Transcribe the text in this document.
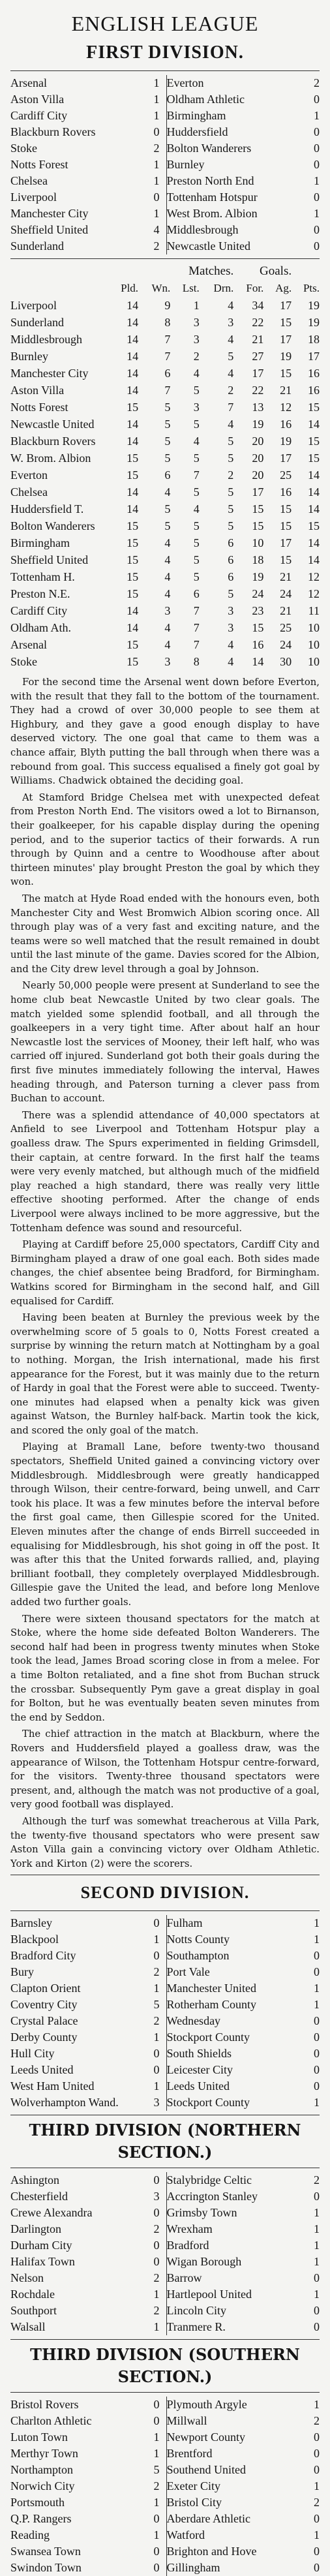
ENGLISH LEAGUE
FIRST DIVISION.
Arsenal	1		Everton	2
Aston Villa	1		Oldham Athletic	0
Cardiff City	1		Birmingham	1
Blackburn Rovers	0		Huddersfield	0
Stoke	2		Bolton Wanderers	0
Notts Forest	1		Burnley	0
Chelsea	1		Preston North End	1
Liverpool	0		Tottenham Hotspur	0
Manchester City	1		West Brom. Albion	1
Sheffield United	4		Middlesbrough	0
Sunderland	2		Newcastle United	0
	Matches.				Goals.		
	Pld.	Wn.	Lst.	Drn.	For.	Ag.	Pts.
Liverpool	14	9	1	4	34	17	19
Sunderland	14	8	3	3	22	15	19
Middlesbrough	14	7	3	4	21	17	18
Burnley	14	7	2	5	27	19	17
Manchester City	14	6	4	4	17	15	16
Aston Villa	14	7	5	2	22	21	16
Notts Forest	15	5	3	7	13	12	15
Newcastle United	14	5	5	4	19	16	14
Blackburn Rovers	14	5	4	5	20	19	15
W. Brom. Albion	15	5	5	5	20	17	15
Everton	15	6	7	2	20	25	14
Chelsea	14	4	5	5	17	16	14
Huddersfield T.	14	5	4	5	15	15	14
Bolton Wanderers	15	5	5	5	15	15	15
Birmingham	15	4	5	6	10	17	14
Sheffield United	15	4	5	6	18	15	14
Tottenham H.	15	4	5	6	19	21	12
Preston N.E.	15	4	6	5	24	24	12
Cardiff City	14	3	7	3	23	21	11
Oldham Ath.	14	4	7	3	15	25	10
Arsenal	15	4	7	4	16	24	10
Stoke	15	3	8	4	14	30	10

For the second time the Arsenal went down before Everton, with the result that they fall to the bottom of the tournament. They had a crowd of over 30,000 people to see them at Highbury, and they gave a good enough display to have deserved victory. The one goal that came to them was a chance affair, Blyth putting the ball through when there was a rebound from goal. This success equalised a finely got goal by Williams. Chadwick obtained the deciding goal.

At Stamford Bridge Chelsea met with unexpected defeat from Preston North End. The visitors owed a lot to Birnanson, their goalkeeper, for his capable display during the opening period, and to the superior tactics of their forwards. A run through by Quinn and a centre to Woodhouse after about thirteen minutes' play brought Preston the goal by which they won.

The match at Hyde Road ended with the honours even, both Manchester City and West Bromwich Albion scoring once. All through play was of a very fast and exciting nature, and the teams were so well matched that the result remained in doubt until the last minute of the game. Davies scored for the Albion, and the City drew level through a goal by Johnson.

Nearly 50,000 people were present at Sunderland to see the home club beat Newcastle United by two clear goals. The match yielded some splendid football, and all through the goalkeepers in a very tight time. After about half an hour Newcastle lost the services of Mooney, their left half, who was carried off injured. Sunderland got both their goals during the first five minutes immediately following the interval, Hawes heading through, and Paterson turning a clever pass from Buchan to account.

There was a splendid attendance of 40,000 spectators at Anfield to see Liverpool and Tottenham Hotspur play a goalless draw. The Spurs experimented in fielding Grimsdell, their captain, at centre forward. In the first half the teams were very evenly matched, but although much of the midfield play reached a high standard, there was really very little effective shooting performed. After the change of ends Liverpool were always inclined to be more aggressive, but the Tottenham defence was sound and resourceful.

Playing at Cardiff before 25,000 spectators, Cardiff City and Birmingham played a draw of one goal each. Both sides made changes, the chief absentee being Bradford, for Birmingham. Watkins scored for Birmingham in the second half, and Gill equalised for Cardiff.

Having been beaten at Burnley the previous week by the overwhelming score of 5 goals to 0, Notts Forest created a surprise by winning the return match at Nottingham by a goal to nothing. Morgan, the Irish international, made his first appearance for the Forest, but it was mainly due to the return of Hardy in goal that the Forest were able to succeed. Twenty-one minutes had elapsed when a penalty kick was given against Watson, the Burnley half-back. Martin took the kick, and scored the only goal of the match.

Playing at Bramall Lane, before twenty-two thousand spectators, Sheffield United gained a convincing victory over Middlesbrough. Middlesbrough were greatly handicapped through Wilson, their centre-forward, being unwell, and Carr took his place. It was a few minutes before the interval before the first goal came, then Gillespie scored for the United. Eleven minutes after the change of ends Birrell succeeded in equalising for Middlesbrough, his shot going in off the post. It was after this that the United forwards rallied, and, playing brilliant football, they completely overplayed Middlesbrough. Gillespie gave the United the lead, and before long Menlove added two further goals.

There were sixteen thousand spectators for the match at Stoke, where the home side defeated Bolton Wanderers. The second half had been in progress twenty minutes when Stoke took the lead, James Broad scoring close in from a melee. For a time Bolton retaliated, and a fine shot from Buchan struck the crossbar. Subsequently Pym gave a great display in goal for Bolton, but he was eventually beaten seven minutes from the end by Seddon.

The chief attraction in the match at Blackburn, where the Rovers and Huddersfield played a goalless draw, was the appearance of Wilson, the Tottenham Hotspur centre-forward, for the visitors. Twenty-three thousand spectators were present, and, although the match was not productive of a goal, very good football was displayed.

Although the turf was somewhat treacherous at Villa Park, the twenty-five thousand spectators who were present saw Aston Villa gain a convincing victory over Oldham Athletic. York and Kirton (2) were the scorers.

SECOND DIVISION.
Barnsley	0		Fulham	1
Blackpool	1		Notts County	1
Bradford City	0		Southampton	0
Bury	2		Port Vale	0
Clapton Orient	1		Manchester United	1
Coventry City	5		Rotherham County	1
Crystal Palace	2		Wednesday	0
Derby County	1		Stockport County	0
Hull City	0		South Shields	0
Leeds United	0		Leicester City	0
West Ham United	1		Leeds United	0
Wolverhampton Wand.	3		Stockport County	1
THIRD DIVISION (NORTHERN
SECTION.)
Ashington	0		Stalybridge Celtic	2
Chesterfield	3		Accrington Stanley	0
Crewe Alexandra	0		Grimsby Town	1
Darlington	2		Wrexham	1
Durham City	0		Bradford	1
Halifax Town	0		Wigan Borough	1
Nelson	2		Barrow	0
Rochdale	1		Hartlepool United	1
Southport	2		Lincoln City	0
Walsall	1		Tranmere R.	0
THIRD DIVISION (SOUTHERN
SECTION.)
Bristol Rovers	0		Plymouth Argyle	1
Charlton Athletic	0		Millwall	2
Luton Town	1		Newport County	0
Merthyr Town	1		Brentford	0
Northampton	5		Southend United	0
Norwich City	2		Exeter City	1
Portsmouth	1		Bristol City	2
Q.P. Rangers	0		Aberdare Athletic	0
Reading	1		Watford	1
Swansea Town	0		Brighton and Hove	0
Swindon Town	0		Gillingham	0
